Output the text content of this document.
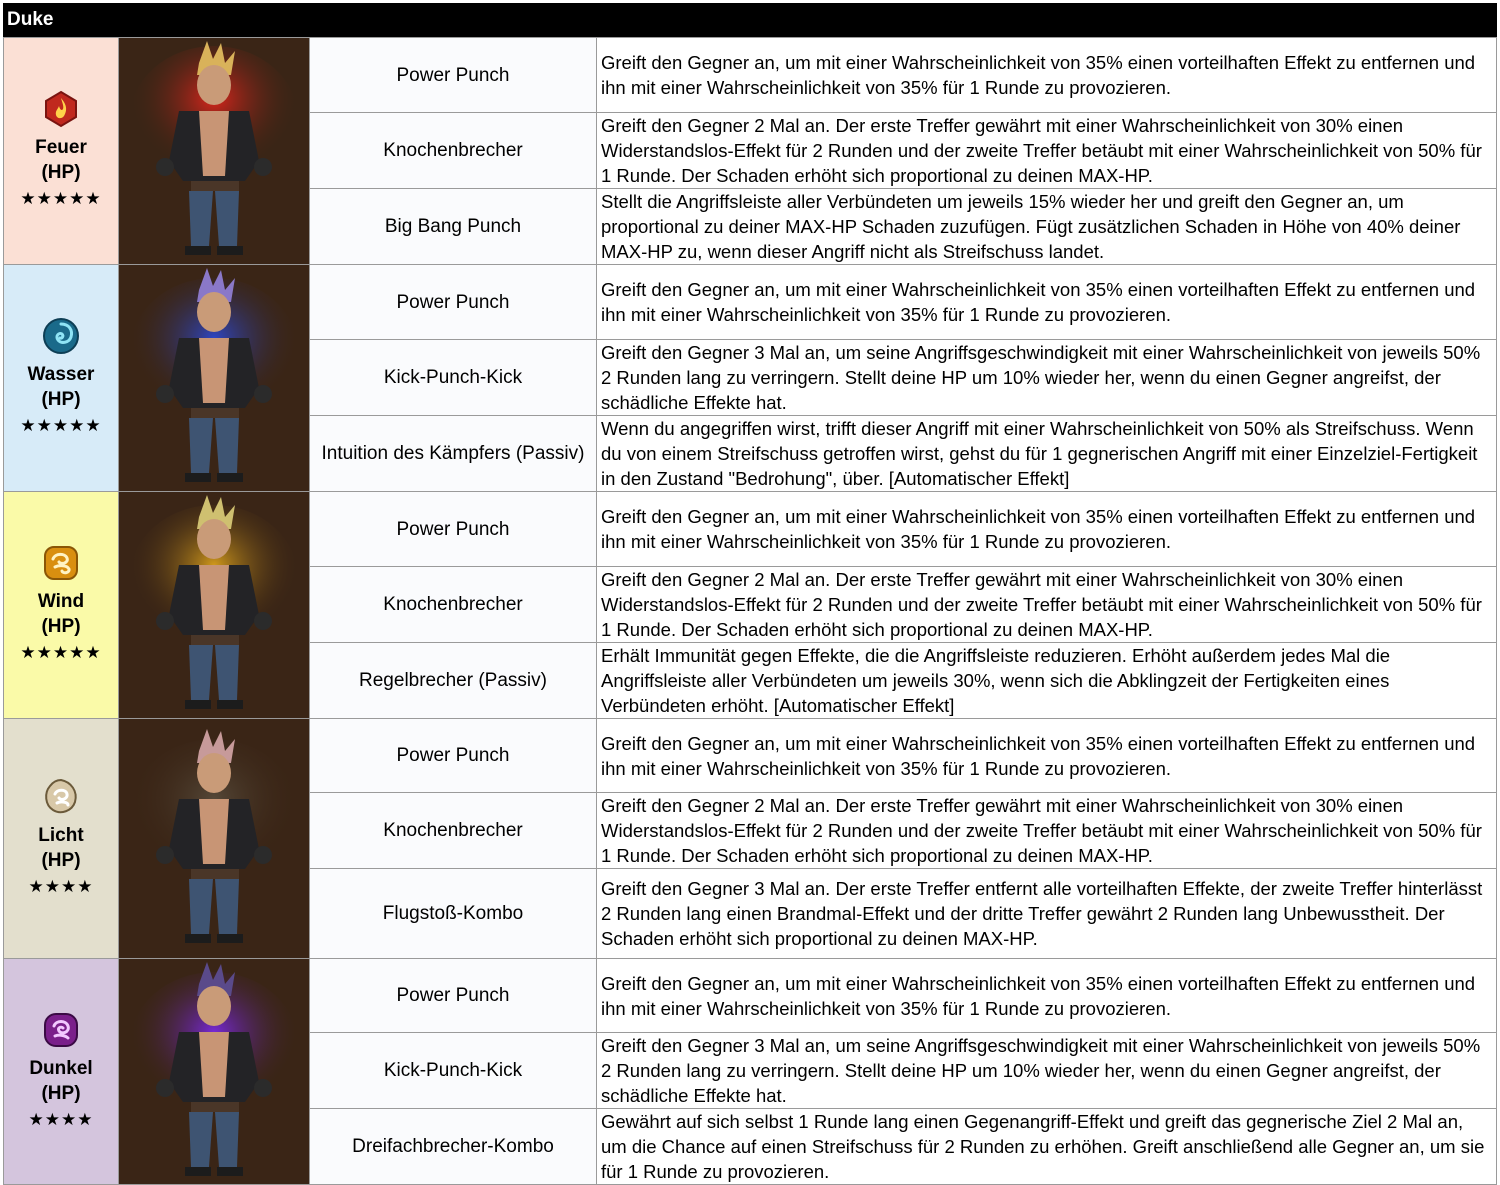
Duke
Feuer
(HP)
★★★★★		Power Punch	Greift den Gegner an, um mit einer Wahrscheinlichkeit von 35% einen vorteilhaften Effekt zu entfernen und ihn mit einer Wahrscheinlichkeit von 35% für 1 Runde zu provozieren.
		Knochenbrecher	Greift den Gegner 2 Mal an. Der erste Treffer gewährt mit einer Wahrscheinlichkeit von 30% einen Widerstandslos-Effekt für 2 Runden und der zweite Treffer betäubt mit einer Wahrscheinlichkeit von 50% für 1 Runde. Der Schaden erhöht sich proportional zu deinen MAX-HP.
		Big Bang Punch	Stellt die Angriffsleiste aller Verbündeten um jeweils 15% wieder her und greift den Gegner an, um proportional zu deiner MAX-HP Schaden zuzufügen. Fügt zusätzlichen Schaden in Höhe von 40% deiner MAX-HP zu, wenn dieser Angriff nicht als Streifschuss landet.

Wasser
(HP)
★★★★★		Power Punch	Greift den Gegner an, um mit einer Wahrscheinlichkeit von 35% einen vorteilhaften Effekt zu entfernen und ihn mit einer Wahrscheinlichkeit von 35% für 1 Runde zu provozieren.
		Kick-Punch-Kick	Greift den Gegner 3 Mal an, um seine Angriffsgeschwindigkeit mit einer Wahrscheinlichkeit von jeweils 50% 2 Runden lang zu verringern. Stellt deine HP um 10% wieder her, wenn du einen Gegner angreifst, der schädliche Effekte hat.
		Intuition des Kämpfers (Passiv)	Wenn du angegriffen wirst, trifft dieser Angriff mit einer Wahrscheinlichkeit von 50% als Streifschuss. Wenn du von einem Streifschuss getroffen wirst, gehst du für 1 gegnerischen Angriff mit einer Einzelziel-Fertigkeit in den Zustand "Bedrohung", über. [Automatischer Effekt]

Wind
(HP)
★★★★★		Power Punch	Greift den Gegner an, um mit einer Wahrscheinlichkeit von 35% einen vorteilhaften Effekt zu entfernen und ihn mit einer Wahrscheinlichkeit von 35% für 1 Runde zu provozieren.
		Knochenbrecher	Greift den Gegner 2 Mal an. Der erste Treffer gewährt mit einer Wahrscheinlichkeit von 30% einen Widerstandslos-Effekt für 2 Runden und der zweite Treffer betäubt mit einer Wahrscheinlichkeit von 50% für 1 Runde. Der Schaden erhöht sich proportional zu deinen MAX-HP.
		Regelbrecher (Passiv)	Erhält Immunität gegen Effekte, die die Angriffsleiste reduzieren. Erhöht außerdem jedes Mal die Angriffsleiste aller Verbündeten um jeweils 30%, wenn sich die Abklingzeit der Fertigkeiten eines Verbündeten erhöht. [Automatischer Effekt]

Licht
(HP)
★★★★		Power Punch	Greift den Gegner an, um mit einer Wahrscheinlichkeit von 35% einen vorteilhaften Effekt zu entfernen und ihn mit einer Wahrscheinlichkeit von 35% für 1 Runde zu provozieren.
		Knochenbrecher	Greift den Gegner 2 Mal an. Der erste Treffer gewährt mit einer Wahrscheinlichkeit von 30% einen Widerstandslos-Effekt für 2 Runden und der zweite Treffer betäubt mit einer Wahrscheinlichkeit von 50% für 1 Runde. Der Schaden erhöht sich proportional zu deinen MAX-HP.
		Flugstoß-Kombo	Greift den Gegner 3 Mal an. Der erste Treffer entfernt alle vorteilhaften Effekte, der zweite Treffer hinterlässt 2 Runden lang einen Brandmal-Effekt und der dritte Treffer gewährt 2 Runden lang Unbewusstheit. Der Schaden erhöht sich proportional zu deinen MAX-HP.

Dunkel
(HP)
★★★★		Power Punch	Greift den Gegner an, um mit einer Wahrscheinlichkeit von 35% einen vorteilhaften Effekt zu entfernen und ihn mit einer Wahrscheinlichkeit von 35% für 1 Runde zu provozieren.
		Kick-Punch-Kick	Greift den Gegner 3 Mal an, um seine Angriffsgeschwindigkeit mit einer Wahrscheinlichkeit von jeweils 50% 2 Runden lang zu verringern. Stellt deine HP um 10% wieder her, wenn du einen Gegner angreifst, der schädliche Effekte hat.
		Dreifachbrecher-Kombo	Gewährt auf sich selbst 1 Runde lang einen Gegenangriff-Effekt und greift das gegnerische Ziel 2 Mal an, um die Chance auf einen Streifschuss für 2 Runden zu erhöhen. Greift anschließend alle Gegner an, um sie für 1 Runde zu provozieren.
